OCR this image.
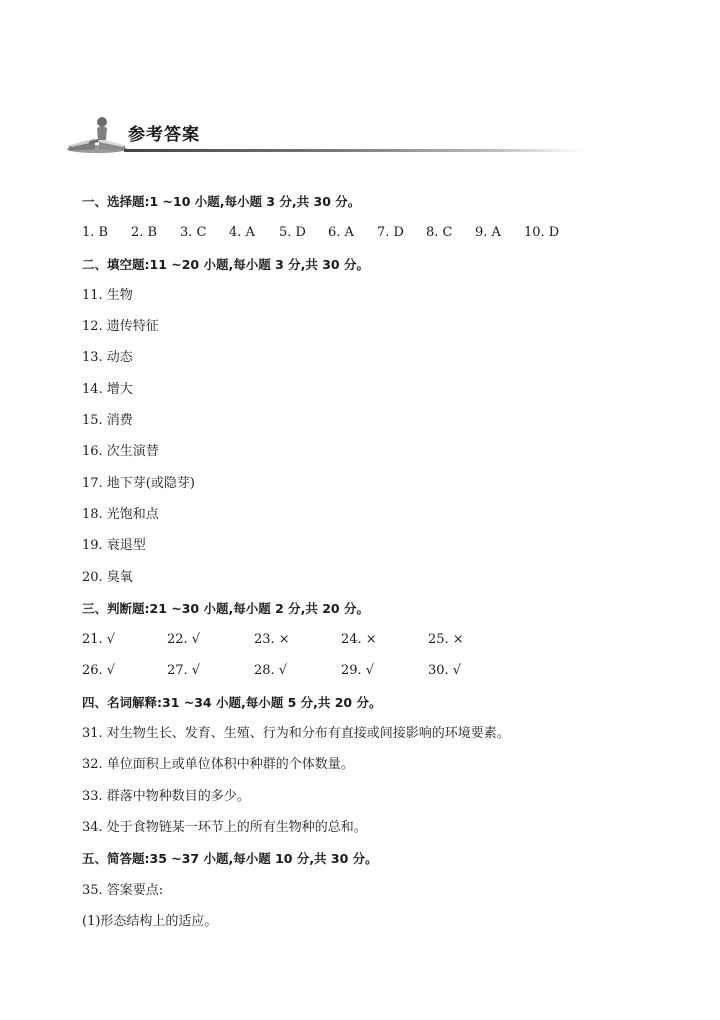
参考答案
一、选择题:1 ~10 小题,每小题 3 分,共 30 分。
1. B 2. B 3. C 4. A 5. D 6. A 7. D 8. C 9. A 10. D
二、填空题:11 ~20 小题,每小题 3 分,共 30 分。
11. 生物
12. 遗传特征
13. 动态
14. 增大
15. 消费
16. 次生演替
17. 地下芽(或隐芽)
18. 光饱和点
19. 衰退型
20. 臭氧
三、判断题:21 ~30 小题,每小题 2 分,共 20 分。
21. √	22. √	23. ×	24. ×	25. ×
26. √	27. √	28. √	29. √	30. √
四、名词解释:31 ~34 小题,每小题 5 分,共 20 分。
31. 对生物生长、发育、生殖、行为和分布有直接或间接影响的环境要素。
32. 单位面积上或单位体积中种群的个体数量。
33. 群落中物种数目的多少。
34. 处于食物链某一环节上的所有生物种的总和。
五、简答题:35 ~37 小题,每小题 10 分,共 30 分。
35. 答案要点:
(1)形态结构上的适应。
